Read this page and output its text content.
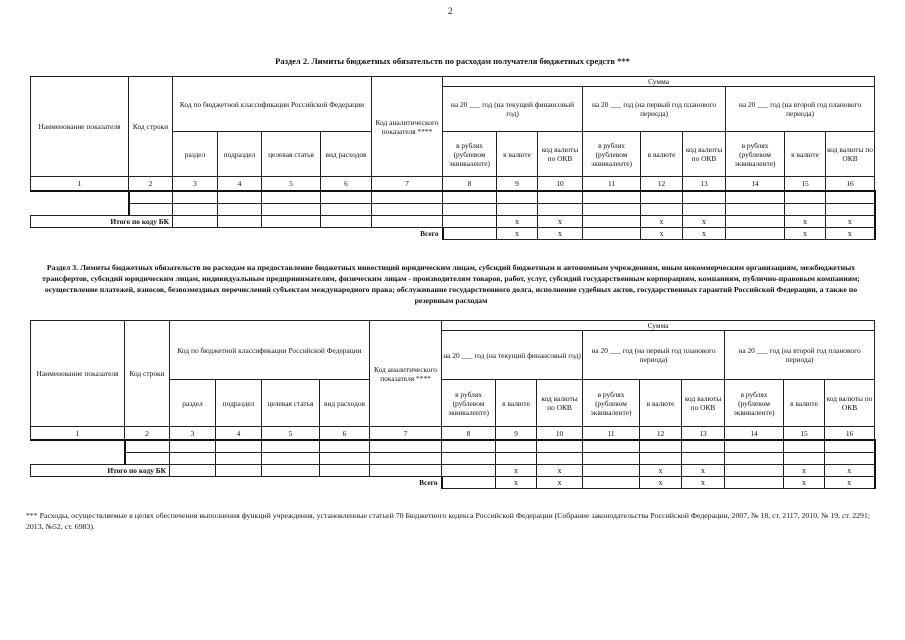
2
Раздел 2. Лимиты бюджетных обязательств по расходам получателя бюджетных средств ***
Наименование показателя	Код строки	Код по бюджетной классификации Российской Федерации				Код аналитического показателя ****	Сумма								
							на 20 ___ год (на текущий финансовый год)			на 20 ___ год (на первый год планового периода)			на 20 ___ год (на второй год планового периода)		
		раздел	подраздел	целевая статья	вид расходов		в рублях (рублевом эквиваленте)	в валюте	код валюты по ОКВ	в рублях (рублевом эквиваленте)	в валюте	код валюты по ОКВ	в рублях (рублевом эквиваленте)	в валюте	код валюты по ОКВ
1	2	3	4	5	6	7	8	9	10	11	12	13	14	15	16

Итого по коду БК								x	x		x	x		x	x
Всего								x	x		x	x		x	x
Раздел 3. Лимиты бюджетных обязательств по расходам на предоставление бюджетных инвестиций юридическим лицам, субсидий бюджетным и автономным учреждениям, иным некоммерческим организациям, межбюджетных трансфертов, субсидий юридическим лицам, индивидуальным предпринимателям, физическим лицам - производителям товаров, работ, услуг, субсидий государственным корпорациям, компаниям, публично-правовым компаниям; осуществление платежей, взносов, безвозмездных перечислений субъектам международного права; обслуживание государственного долга, исполнение судебных актов, государственных гарантий Российской Федерации, а также по резервным расходам
Наименование показателя	Код строки	Код по бюджетной классификации Российской Федерации				Код аналитического показателя ****	Сумма								
							на 20 ___ год (на текущий финансовый год)			на 20 ___ год (на первый год планового периода)			на 20 ___ год (на второй год планового периода)		
		раздел	подраздел	целевая статья	вид расходов		в рублях (рублевом эквиваленте)	в валюте	код валюты по ОКВ	в рублях (рублевом эквиваленте)	в валюте	код валюты по ОКВ	в рублях (рублевом эквиваленте)	в валюте	код валюты по ОКВ
1	2	3	4	5	6	7	8	9	10	11	12	13	14	15	16

Итого по коду БК								x	x		x	x		x	x
Всего								x	x		x	x		x	x
*** Расходы, осуществляемые в целях обеспечения выполнения функций учреждения, установленные статьей 70 Бюджетного кодекса Российской Федерации (Собрание законодательства Российской Федерации, 2007, № 18, ст. 2117, 2010, № 19, ст. 2291; 2013, №52, ст. 6983).
